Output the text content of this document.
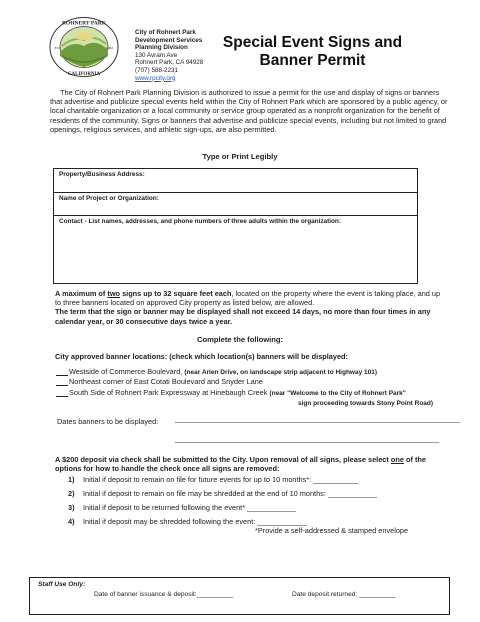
ROHNERT PARK
CALIFORNIA
EST	1962
City of Rohnert Park
Development Services
Planning Division
130 Avram Ave
Rohnert Park, CA 94928
(707) 588-2231
www.rpcity.org
Special Event Signs and
Banner Permit
The City of Rohnert Park Planning Division is authorized to issue a permit for the use and display of signs or banners that advertise and publicize special events held within the City of Rohnert Park which are sponsored by a public agency, or local charitable organization or a local community or service group operated as a nonprofit organization for the benefit of residents of the community. Signs or banners that advertise and publicize special events, including but not limited to grand openings, religious services, and athletic sign-ups, are also permitted.
Type or Print Legibly
Property/Business Address:
Name of Project or Organization:
Contact - List names, addresses, and phone numbers of three adults within the organization:
A maximum of two signs up to 32 square feet each, located on the property where the event is taking place, and up to three banners located on approved City property as listed below, are allowed.
The term that the sign or banner may be displayed shall not exceed 14 days, no more than four times in any calendar year, or 30 consecutive days twice a year.
Complete the following:
City approved banner locations: (check which location(s) banners will be displayed:
Westside of Commerce Boulevard, (near Arlen Drive, on landscape strip adjacent to Highway 101)
Northeast corner of East Cotati Boulevard and Snyder Lane
South Side of Rohnert Park Expressway at Hinebaugh Creek (near "Welcome to the City of Rohnert Park"
sign proceeding towards Stony Point Road)
Dates banners to be displayed: ____________________________________________________________________
_______________________________________________________________
A $200 deposit via check shall be submitted to the City. Upon removal of all signs, please select one of the options for how to handle the check once all signs are removed:
1) Initial if deposit to remain on file for future events for up to 10 months*: ___________
2) Initial if deposit to remain on file may be shredded at the end of 10 months: ____________
3) Initial if deposit to be returned following the event* ____________
4) Initial if deposit may be shredded following the event: ____________
*Provide a self-addressed & stamped envelope
Staff Use Only:
Date of banner issuance & deposit:__________	Date deposit returned: __________
